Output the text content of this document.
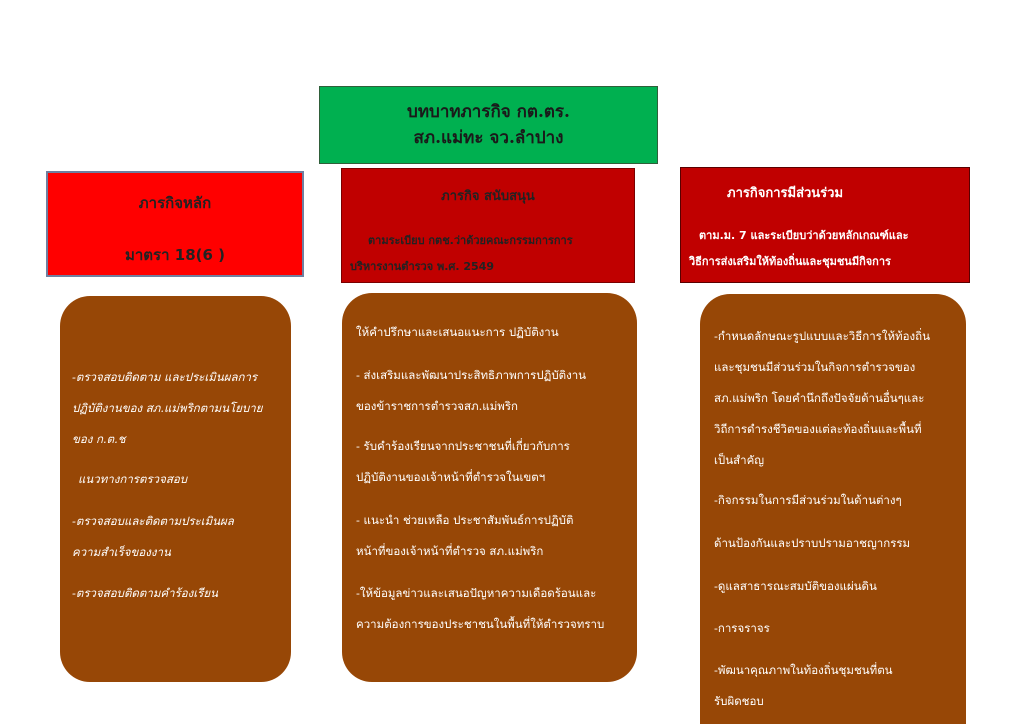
บทบาทภารกิจ กต.ตร.
สภ.แม่ทะ จว.ลำปาง
ภารกิจหลัก
มาตรา 18(6 )
ภารกิจ สนับสนุน
ตามระเบียบ กตช.ว่าด้วยคณะกรรมการการ
บริหารงานตำรวจ พ.ศ. 2549
ภารกิจการมีส่วนร่วม
ตาม.ม. 7 และระเบียบว่าด้วยหลักเกณฑ์และ
วิธีการส่งเสริมให้ท้องถิ่นและชุมชนมีกิจการ
-ตรวจสอบติดตาม และประเมินผลการ
ปฏิบัติงานของ สภ.แม่พริกตามนโยบาย
ของ ก.ต.ช
แนวทางการตรวจสอบ
-ตรวจสอบและติดตามประเมินผล
ความสำเร็จของงาน
-ตรวจสอบติดตามคำร้องเรียน
ให้คำปรึกษาและเสนอแนะการ ปฏิบัติงาน
- ส่งเสริมและพัฒนาประสิทธิภาพการปฏิบัติงาน
ของข้าราชการตำรวจสภ.แม่พริก
- รับคำร้องเรียนจากประชาชนที่เกี่ยวกับการ
ปฏิบัติงานของเจ้าหน้าที่ตำรวจในเขตฯ
- แนะนำ ช่วยเหลือ ประชาสัมพันธ์การปฏิบัติ
หน้าที่ของเจ้าหน้าที่ตำรวจ สภ.แม่พริก
-ให้ข้อมูลข่าวและเสนอปัญหาความเดือดร้อนและ
ความต้องการของประชาชนในพื้นที่ให้ตำรวจทราบ
-กำหนดลักษณะรูปแบบและวิธีการให้ท้องถิ่น
และชุมชนมีส่วนร่วมในกิจการตำรวจของ
สภ.แม่พริก โดยคำนึกถึงปัจจัยด้านอื่นๆและ
วิถีการดำรงชีวิตของแต่ละท้องถิ่นและพื้นที่
เป็นสำคัญ
-กิจกรรมในการมีส่วนร่วมในด้านต่างๆ
ด้านป้องกันและปราบปรามอาชญากรรม
-ดูแลสาธารณะสมบัติของแผ่นดิน
-การจราจร
-พัฒนาคุณภาพในท้องถิ่นชุมชนที่ตน
รับผิดชอบ
